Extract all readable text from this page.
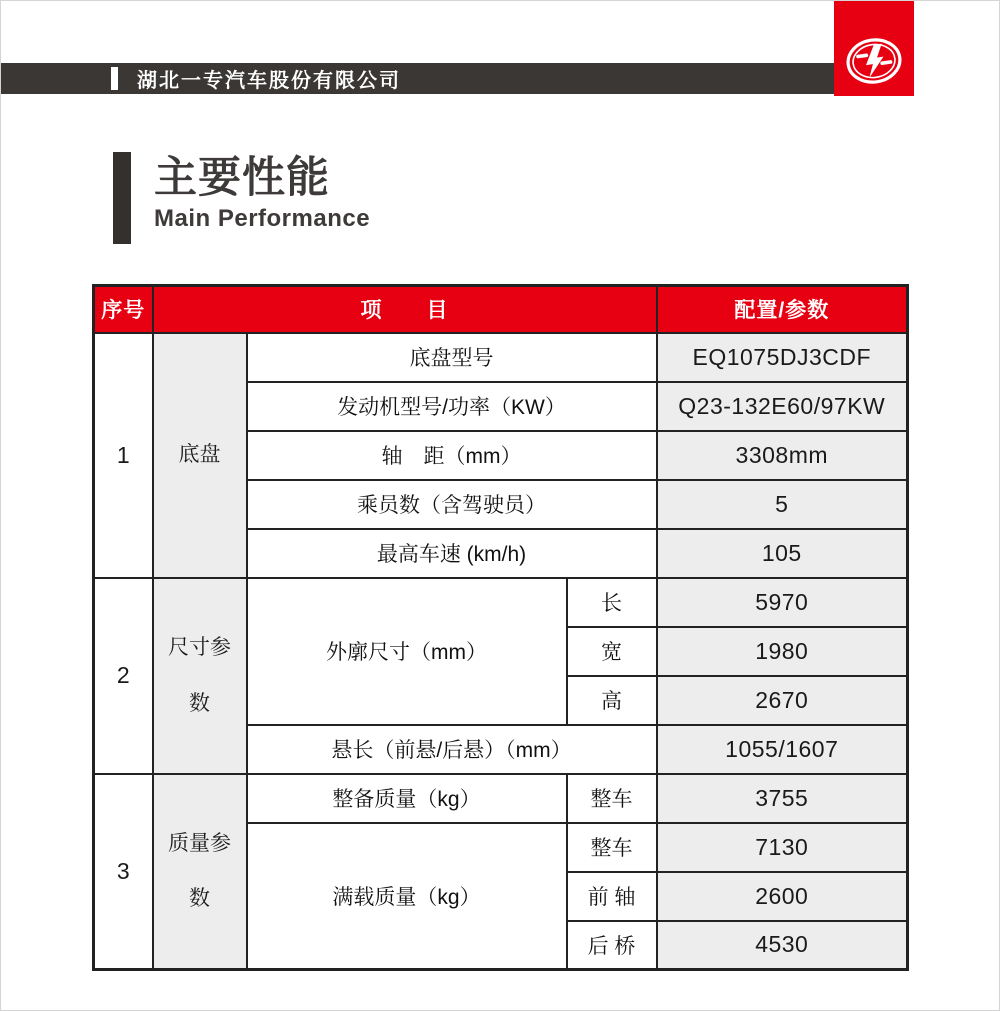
湖北一专汽车股份有限公司
主要性能
Main Performance
序号	项　　目			配置/参数
1	底盘	底盘型号		EQ1075DJ3CDF
		发动机型号/功率（KW）		Q23-132E60/97KW
		轴　距（mm）		3308mm
		乘员数（含驾驶员）		5
		最高车速 (km/h)		105
2	尺寸参数	外廓尺寸（mm）	长	5970
			宽	1980
			高	2670
		悬长（前悬/后悬）（mm）		1055/1607
3	质量参数	整备质量（kg）	整车	3755
		满载质量（kg）	整车	7130
			前 轴	2600
			后 桥	4530
